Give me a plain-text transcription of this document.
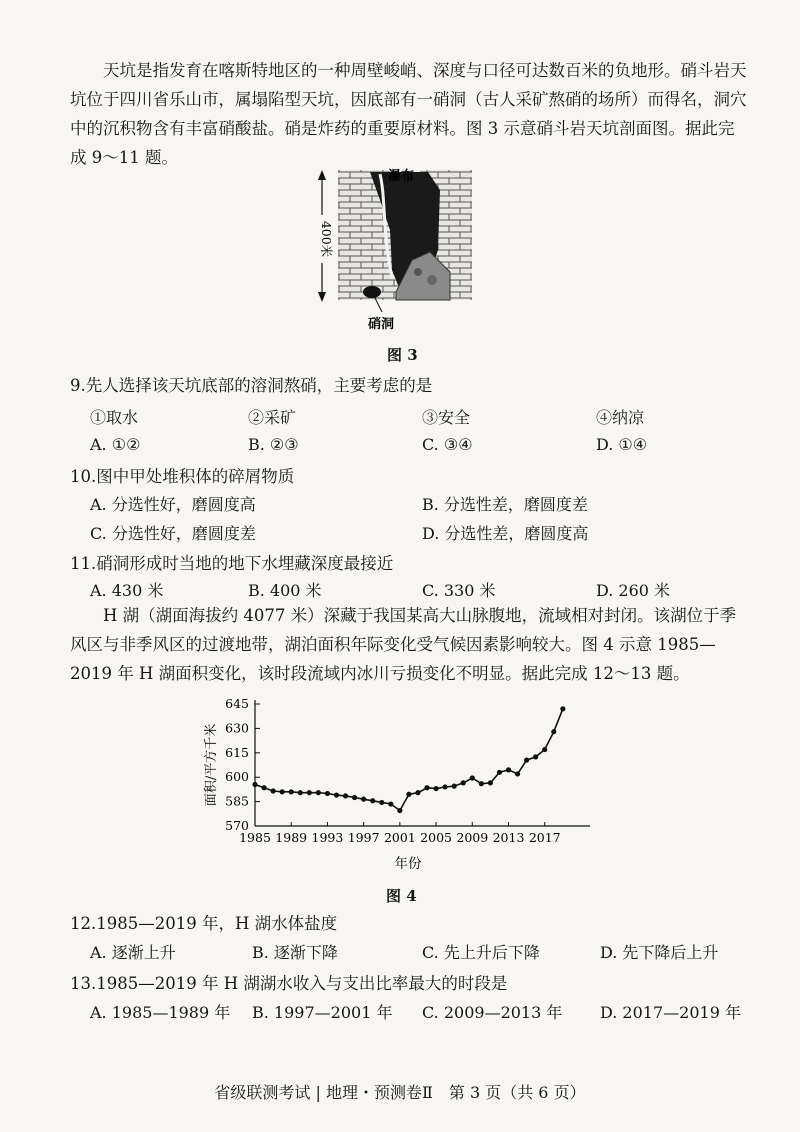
天坑是指发育在喀斯特地区的一种周壁峻峭、深度与口径可达数百米的负地形。硝斗岩天坑位于四川省乐山市，属塌陷型天坑，因底部有一硝洞（古人采矿熬硝的场所）而得名，洞穴中的沉积物含有丰富硝酸盐。硝是炸药的重要原材料。图 3 示意硝斗岩天坑剖面图。据此完成 9～11 题。
400米
瀑布
硝洞
图 3
9.先人选择该天坑底部的溶洞熬硝，主要考虑的是
①取水	②采矿	③安全	④纳凉
A. ①②	B. ②③	C. ③④	D. ①④
10.图中甲处堆积体的碎屑物质
A. 分选性好，磨圆度高	B. 分选性差，磨圆度差
C. 分选性好，磨圆度差	D. 分选性差，磨圆度高
11.硝洞形成时当地的地下水埋藏深度最接近
A. 430 米	B. 400 米	C. 330 米	D. 260 米
H 湖（湖面海拔约 4077 米）深藏于我国某高大山脉腹地，流域相对封闭。该湖位于季风区与非季风区的过渡地带，湖泊面积年际变化受气候因素影响较大。图 4 示意 1985—2019 年 H 湖面积变化，该时段流域内冰川亏损变化不明显。据此完成 12～13 题。
570
585
600
615
630
645
1985 1989 1993 1997 2001 2005 2009 2013 2017
面积/平方千米
年份
图 4
12.1985—2019 年，H 湖水体盐度
A. 逐渐上升	B. 逐渐下降	C. 先上升后下降	D. 先下降后上升
13.1985—2019 年 H 湖湖水收入与支出比率最大的时段是
A. 1985—1989 年 B. 1997—2001 年 C. 2009—2013 年 D. 2017—2019 年
省级联测考试 | 地理・预测卷Ⅱ　第 3 页（共 6 页）
